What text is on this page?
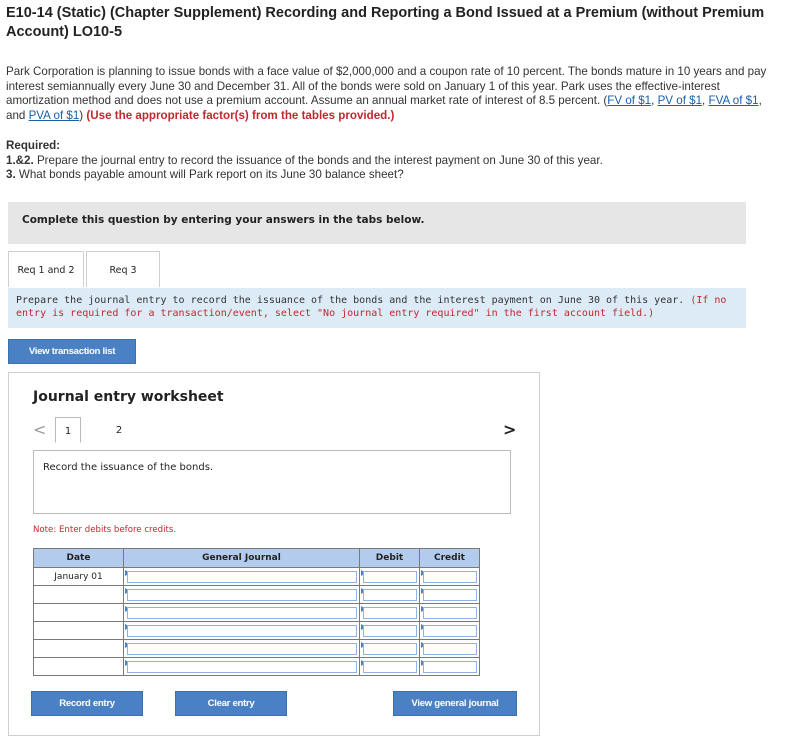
E10-14 (Static) (Chapter Supplement) Recording and Reporting a Bond Issued at a Premium (without Premium Account) LO10-5
Park Corporation is planning to issue bonds with a face value of $2,000,000 and a coupon rate of 10 percent. The bonds mature in 10 years and pay interest semiannually every June 30 and December 31. All of the bonds were sold on January 1 of this year. Park uses the effective-interest amortization method and does not use a premium account. Assume an annual market rate of interest of 8.5 percent. (FV of $1, PV of $1, FVA of $1, and PVA of $1) (Use the appropriate factor(s) from the tables provided.)
Required:
1.&2. Prepare the journal entry to record the issuance of the bonds and the interest payment on June 30 of this year.
3. What bonds payable amount will Park report on its June 30 balance sheet?
Complete this question by entering your answers in the tabs below.
Req 1 and 2	Req 3
Prepare the journal entry to record the issuance of the bonds and the interest payment on June 30 of this year. (If no entry is required for a transaction/event, select "No journal entry required" in the first account field.)
View transaction list
Journal entry worksheet
<	1	2	>
Record the issuance of the bonds.
Note: Enter debits before credits.
Date	General Journal	Debit	Credit
January 01	

Record entry	Clear entry	View general journal
